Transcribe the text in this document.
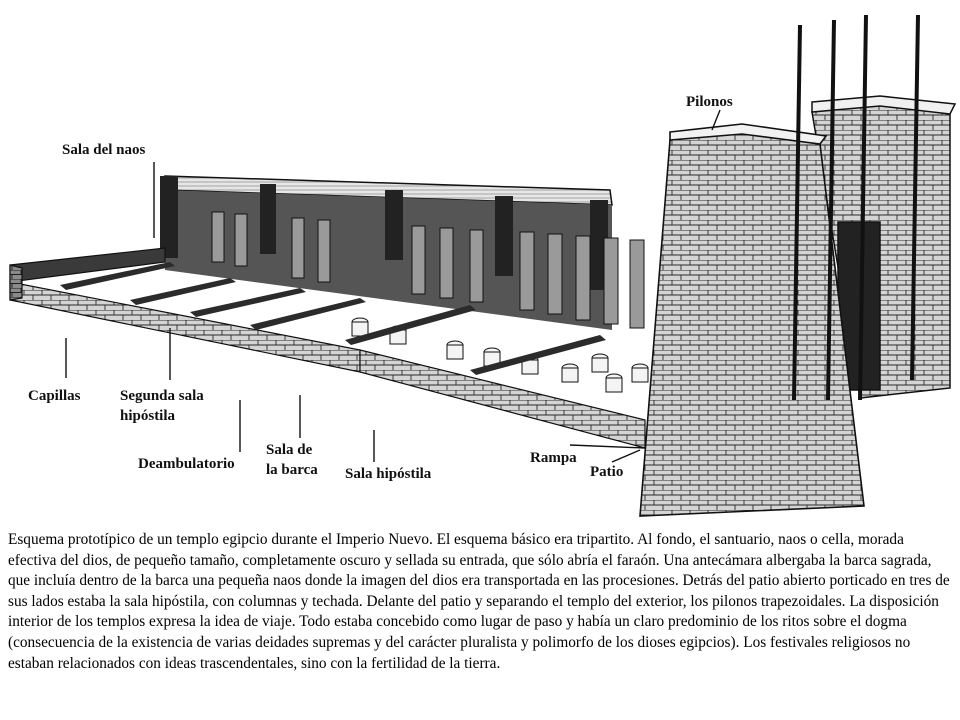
Pilonos
Sala del naos
Capillas	Segunda sala
hipóstila
Deambulatorio
Sala de
la barca Sala hipóstila
Rampa
Patio

Esquema prototípico de un templo egipcio durante el Imperio Nuevo. El esquema básico era tripartito. Al fondo, el santuario, naos o cella, morada efectiva del dios, de pequeño tamaño, completamente oscuro y sellada su entrada, que sólo abría el faraón. Una antecámara albergaba la barca sagrada, que incluía dentro de la barca una pequeña naos donde la imagen del dios era transportada en las procesiones. Detrás del patio abierto porticado en tres de sus lados estaba la sala hipóstila, con columnas y techada. Delante del patio y separando el templo del exterior, los pilonos trapezoidales. La disposición interior de los templos expresa la idea de viaje. Todo estaba concebido como lugar de paso y había un claro predominio de los ritos sobre el dogma (consecuencia de la existencia de varias deidades supremas y del carácter pluralista y polimorfo de los dioses egipcios). Los festivales religiosos no estaban relacionados con ideas trascendentales, sino con la fertilidad de la tierra.
